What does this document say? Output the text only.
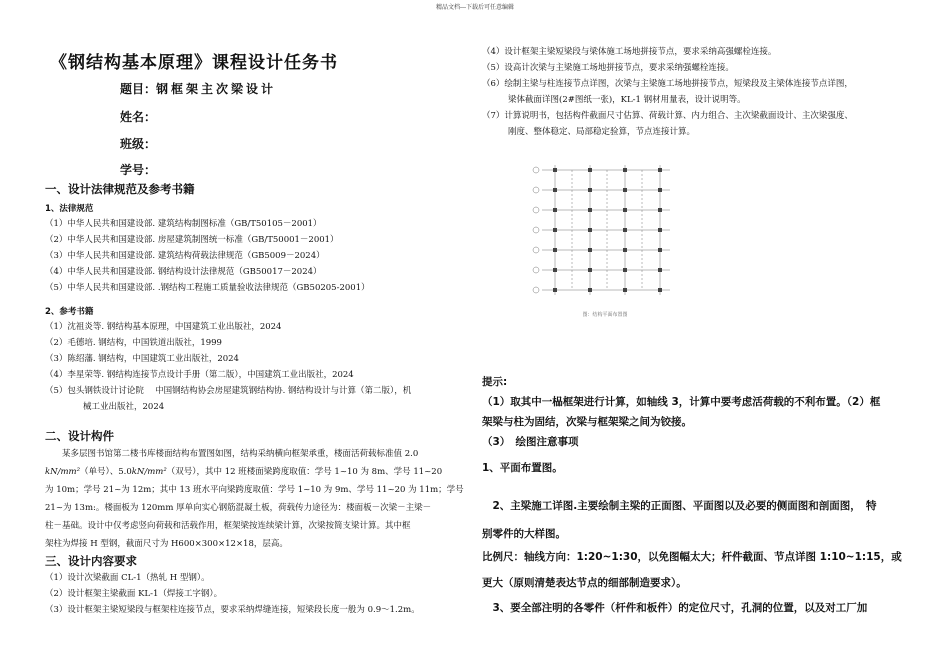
精品文档---下载后可任意编辑
《钢结构基本原理》课程设计任务书
题目：钢框架主次梁设计
姓名：
班级：
学号：
一、设计法律规范及参考书籍
1、法律规范
（1）中华人民共和国建设部. 建筑结构制图标准（GB/T50105－2001）
（2）中华人民共和国建设部. 房屋建筑制图统一标准（GB/T50001－2001）
（3）中华人民共和国建设部. 建筑结构荷载法律规范（GB5009－2024）
（4）中华人民共和国建设部. 钢结构设计法律规范（GB50017－2024）
（5）中华人民共和国建设部. .钢结构工程施工质量验收法律规范（GB50205-2001）
2、参考书籍
（1）沈祖炎等. 钢结构基本原理，中国建筑工业出版社，2024
（2）毛德培. 钢结构，中国铁道出版社，1999
（3）陈绍藩. 钢结构，中国建筑工业出版社，2024
（4）李星荣等. 钢结构连接节点设计手册（第二版），中国建筑工业出版社，2024
（5）包头钢铁设计讨论院　 中国钢结构协会房屋建筑钢结构协. 钢结构设计与计算（第二版），机
械工业出版社，2024
二、设计构件
某多层图书馆第二楼书库楼面结构布置图如图，结构采纳横向框架承重，楼面活荷载标准值 2.0
kN/mm²（单号）、5.0kN/mm²（双号），其中 12 班楼面梁跨度取值：学号 1~10 为 8m、学号 11~20
为 10m；学号 21~为 12m；其中 13 班水平向梁跨度取值：学号 1~10 为 9m、学号 11~20 为 11m；学号
21~为 13m:。楼面板为 120mm 厚单向实心钢筋混凝土板，荷载传力途径为：楼面板－次梁－主梁－
柱－基础。设计中仅考虑竖向荷载和活载作用，框架梁按连续梁计算，次梁按简支梁计算。其中框
架柱为焊接 H 型钢，截面尺寸为 H600×300×12×18，层高。
三、设计内容要求
（1）设计次梁截面 CL-1（热轧 H 型钢）。
（2）设计框架主梁截面 KL-1（焊接工字钢）。
（3）设计框架主梁短梁段与框架柱连接节点，要求采纳焊缝连接，短梁段长度一般为 0.9～1.2m。
（4）设计框架主梁短梁段与梁体施工场地拼接节点，要求采纳高强螺栓连接。
（5）设高计次梁与主梁施工场地拼接节点，要求采纳强螺栓连接。
（6）绘制主梁与柱连接节点详图，次梁与主梁施工场地拼接节点，短梁段及主梁体连接节点详图，
梁体截面详图(2#图纸一张)，KL-1 钢材用量表，设计说明等。
（7）计算说明书，包括构件截面尺寸估算、荷载计算、内力组合、主次梁截面设计、主次梁强度、
刚度、整体稳定、局部稳定验算，节点连接计算。
图：结构平面布置图
提示:
（1）取其中一榀框架进行计算，如轴线 3，计算中要考虑活荷载的不利布置。（2）框
架梁与柱为固结，次梁与框架梁之间为铰接。
（3）　绘图注意事项
1、平面布置图。
　2、主梁施工详图.主要绘制主梁的正面图、平面图以及必要的侧面图和剖面图，　特
别零件的大样图。
比例尺：轴线方向：1:20~1:30，以免图幅太大；杆件截面、节点详图 1:10~1:15，或
更大（原则清楚表达节点的细部制造要求）。
　3、要全部注明的各零件（杆件和板件）的定位尺寸，孔洞的位置，以及对工厂加
